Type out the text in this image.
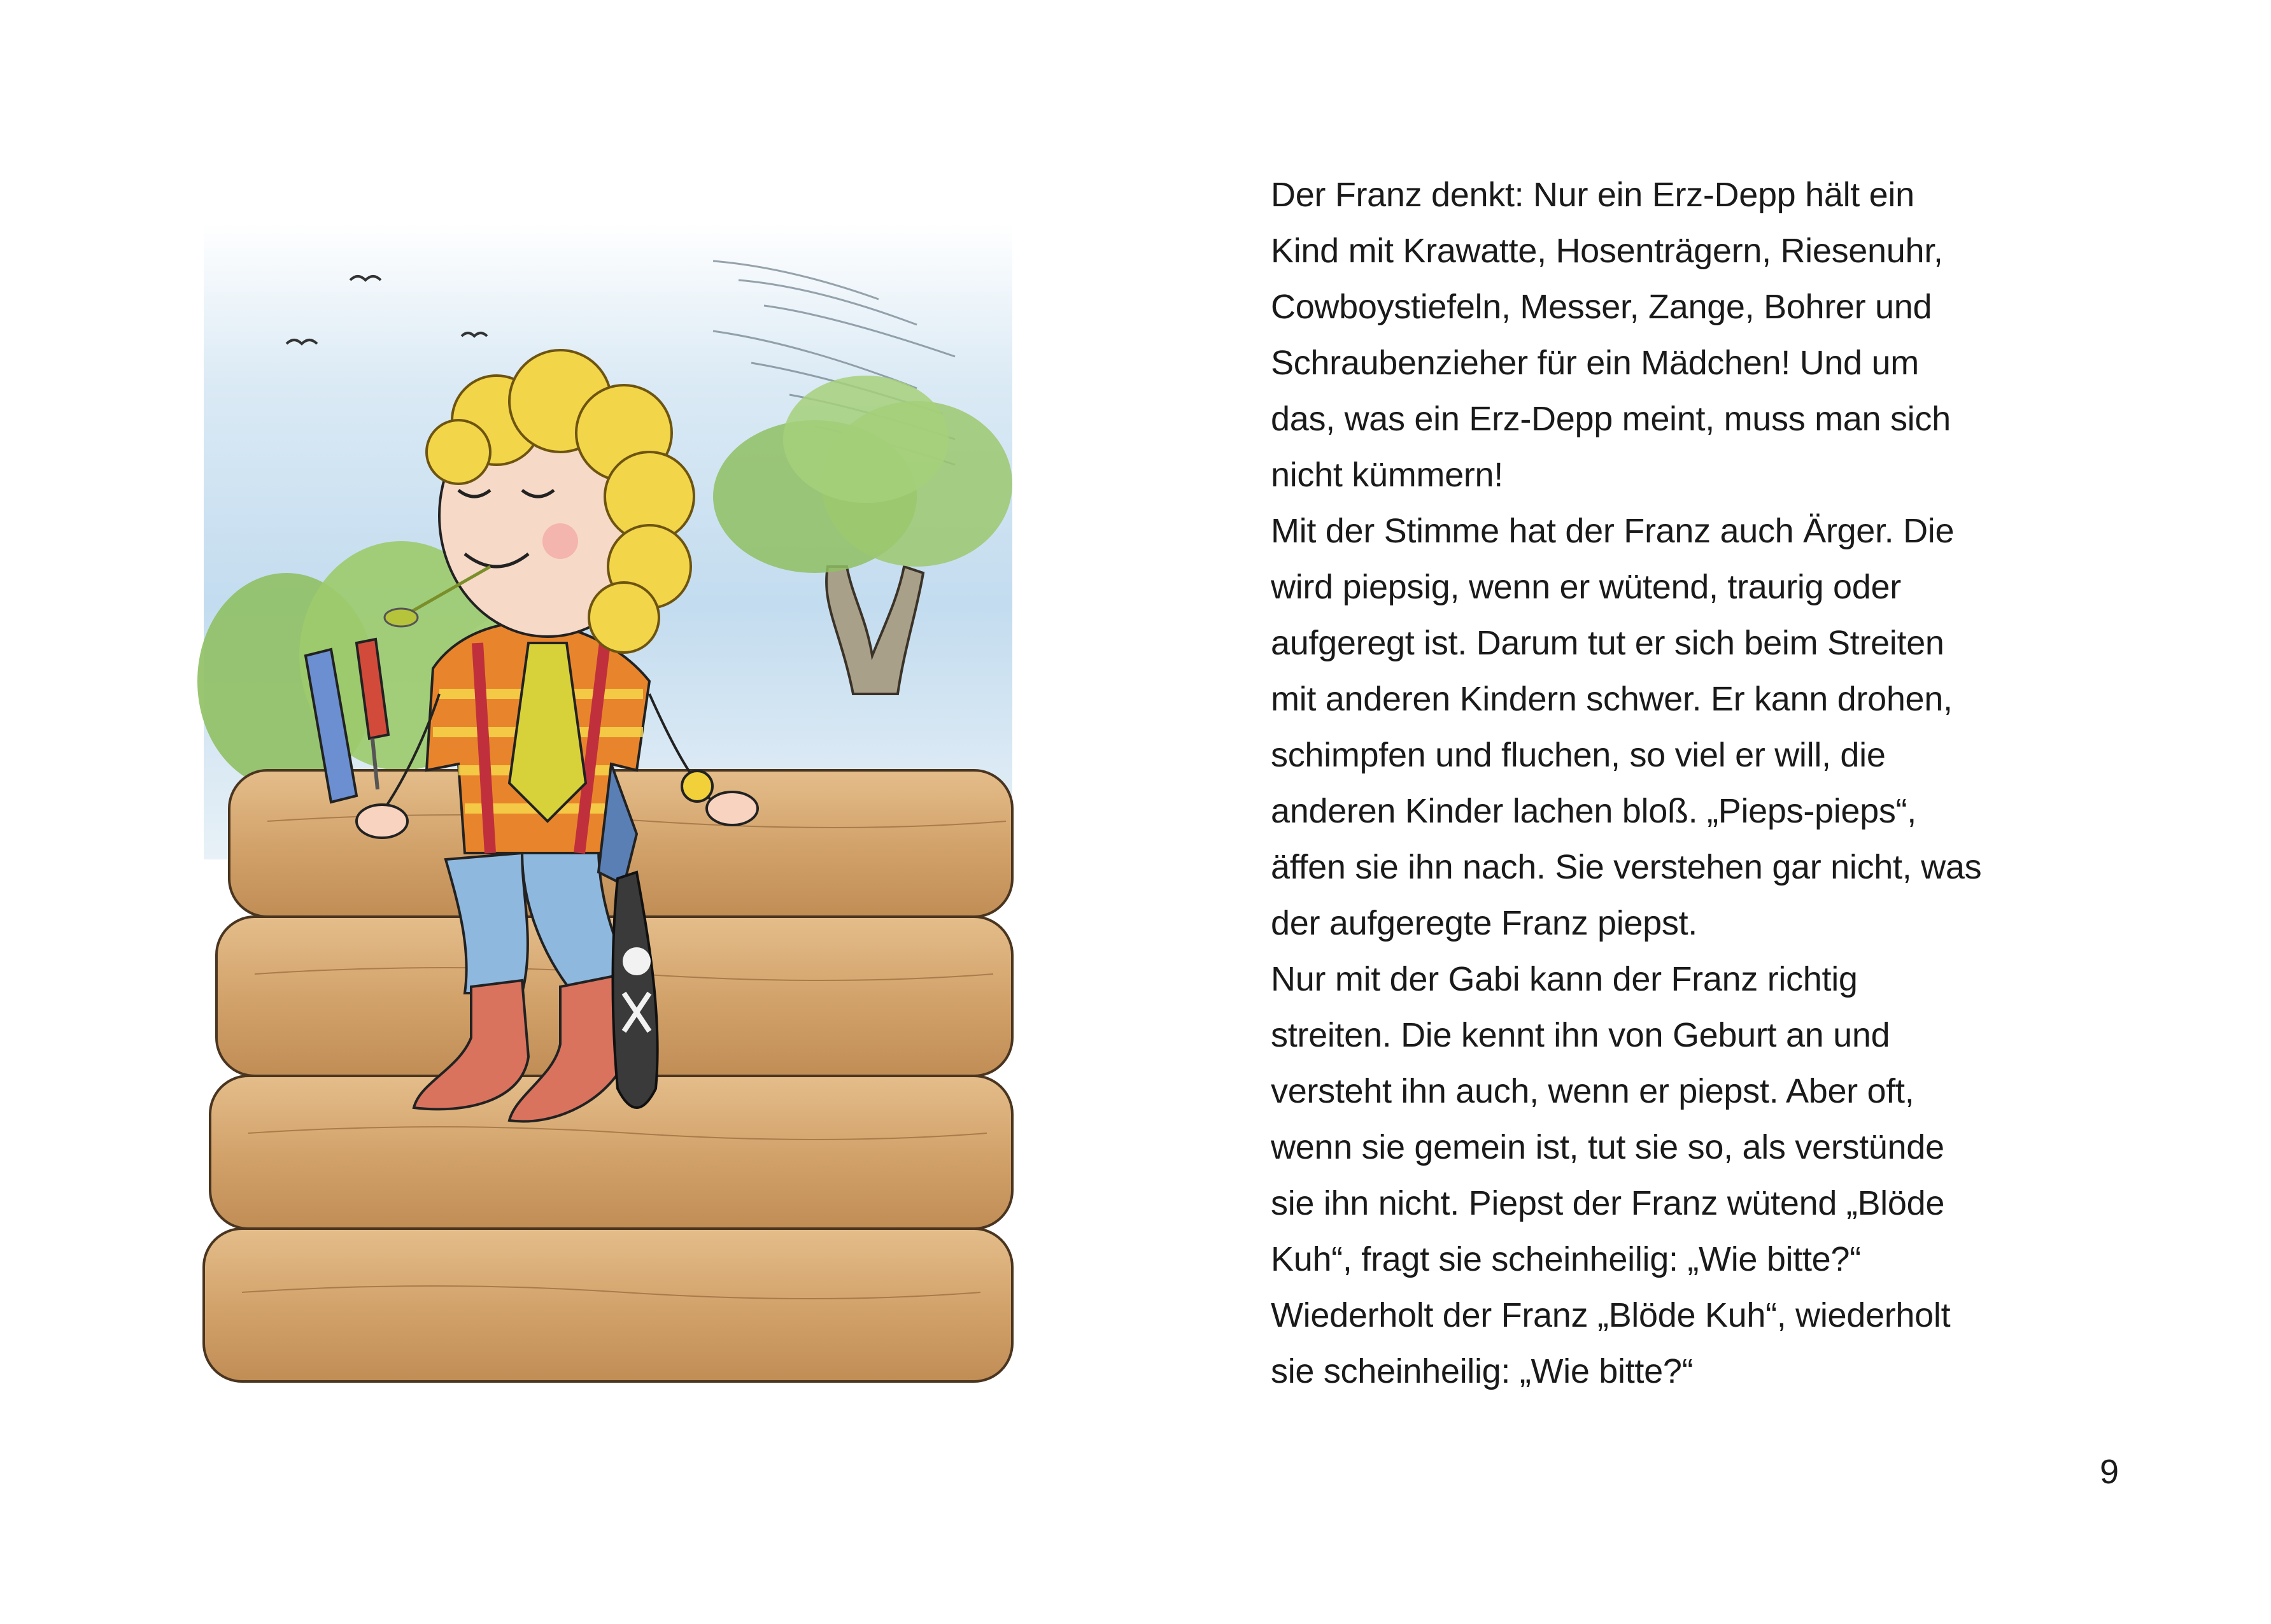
Der Franz denkt: Nur ein Erz-Depp hält ein
Kind mit Krawatte, Hosenträgern, Riesenuhr,
Cowboystiefeln, Messer, Zange, Bohrer und
Schraubenzieher für ein Mädchen! Und um
das, was ein Erz-Depp meint, muss man sich
nicht kümmern!
Mit der Stimme hat der Franz auch Ärger. Die
wird piepsig, wenn er wütend, traurig oder
aufgeregt ist. Darum tut er sich beim Streiten
mit anderen Kindern schwer. Er kann drohen,
schimpfen und fluchen, so viel er will, die
anderen Kinder lachen bloß. „Pieps-pieps“,
äffen sie ihn nach. Sie verstehen gar nicht, was
der aufgeregte Franz piepst.
Nur mit der Gabi kann der Franz richtig
streiten. Die kennt ihn von Geburt an und
versteht ihn auch, wenn er piepst. Aber oft,
wenn sie gemein ist, tut sie so, als verstünde
sie ihn nicht. Piepst der Franz wütend „Blöde
Kuh“, fragt sie scheinheilig: „Wie bitte?“
Wiederholt der Franz „Blöde Kuh“, wiederholt
sie scheinheilig: „Wie bitte?“
9
